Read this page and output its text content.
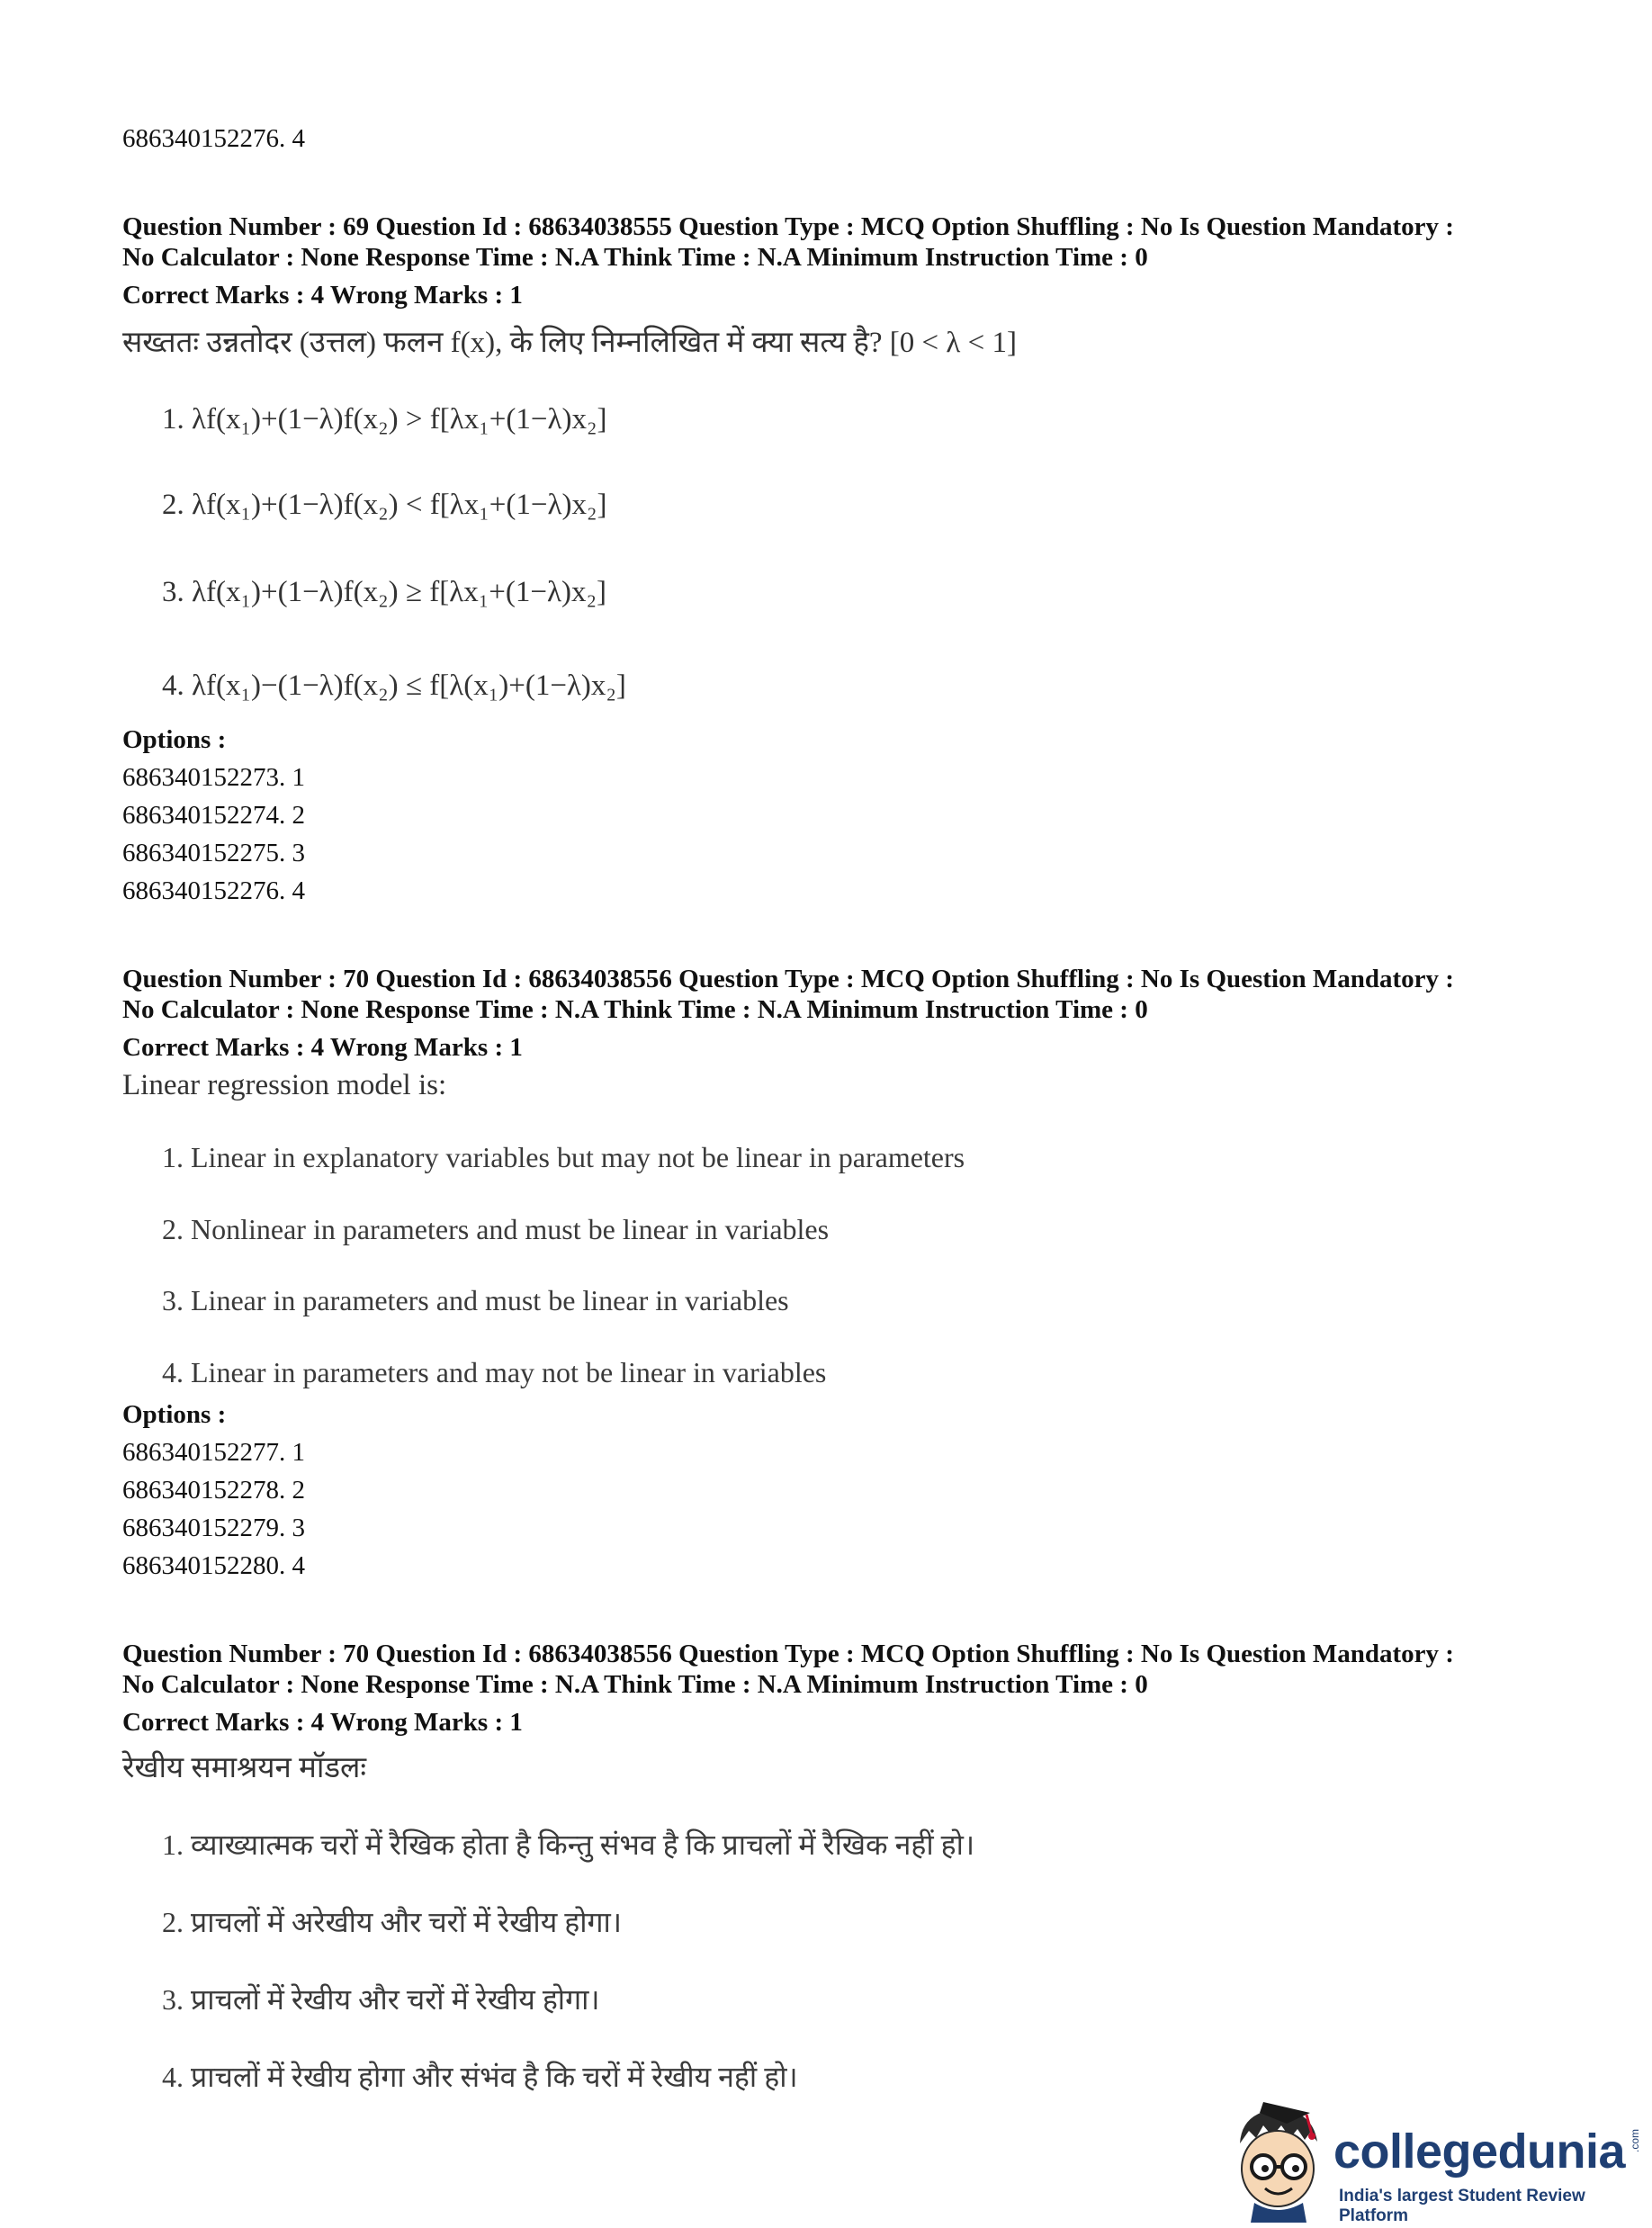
686340152276. 4
Question Number : 69 Question Id : 68634038555 Question Type : MCQ Option Shuffling : No Is Question Mandatory :
No Calculator : None Response Time : N.A Think Time : N.A Minimum Instruction Time : 0
Correct Marks : 4 Wrong Marks : 1
सख्ततः उन्नतोदर (उत्तल) फलन f(x), के लिए निम्नलिखित में क्या सत्य है? [0 < λ < 1]
1. λf(x₁)+(1−λ)f(x₂) > f[λx₁+(1−λ)x₂]
2. λf(x₁)+(1−λ)f(x₂) < f[λx₁+(1−λ)x₂]
3. λf(x₁)+(1−λ)f(x₂) ≥ f[λx₁+(1−λ)x₂]
4. λf(x₁)−(1−λ)f(x₂) ≤ f[λ(x₁)+(1−λ)x₂]
Options :
686340152273. 1
686340152274. 2
686340152275. 3
686340152276. 4
Question Number : 70 Question Id : 68634038556 Question Type : MCQ Option Shuffling : No Is Question Mandatory :
No Calculator : None Response Time : N.A Think Time : N.A Minimum Instruction Time : 0
Correct Marks : 4 Wrong Marks : 1
Linear regression model is:
1. Linear in explanatory variables but may not be linear in parameters
2. Nonlinear in parameters and must be linear in variables
3. Linear in parameters and must be linear in variables
4. Linear in parameters and may not be linear in variables
Options :
686340152277. 1
686340152278. 2
686340152279. 3
686340152280. 4
Question Number : 70 Question Id : 68634038556 Question Type : MCQ Option Shuffling : No Is Question Mandatory :
No Calculator : None Response Time : N.A Think Time : N.A Minimum Instruction Time : 0
Correct Marks : 4 Wrong Marks : 1
रेखीय समाश्रयन मॉडलः
1. व्याख्यात्मक चरों में रैखिक होता है किन्तु संभव है कि प्राचलों में रैखिक नहीं हो।
2. प्राचलों में अरेखीय और चरों में रेखीय होगा।
3. प्राचलों में रेखीय और चरों में रेखीय होगा।
4. प्राचलों में रेखीय होगा और संभंव है कि चरों में रेखीय नहीं हो।
collegedunia .com
India's largest Student Review Platform
